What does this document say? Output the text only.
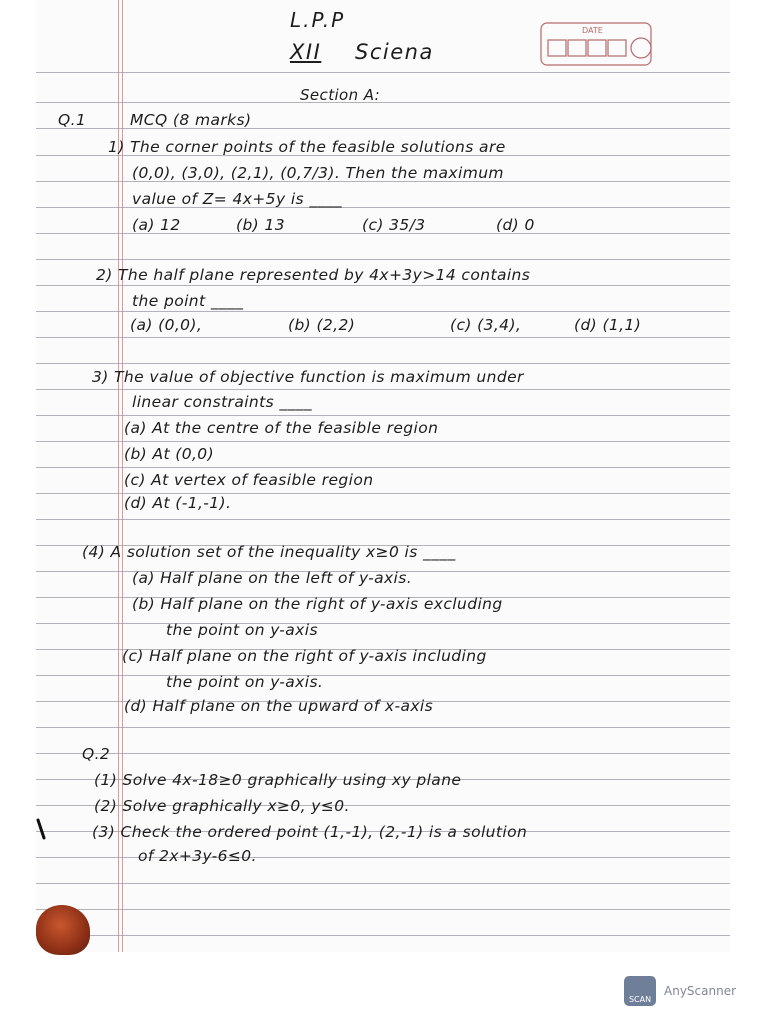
L.P.P
XII Sciena
DATE
Section A:
Q.1	MCQ (8 marks)
1) The corner points of the feasible solutions are
(0,0), (3,0), (2,1), (0,7/3). Then the maximum
value of Z= 4x+5y is ____
(a) 12	(b) 13	(c) 35/3	(d) 0
2) The half plane represented by 4x+3y>14 contains
the point ____
(a) (0,0),	(b) (2,2)	(c) (3,4),	(d) (1,1)
3) The value of objective function is maximum under
linear constraints ____
(a) At the centre of the feasible region
(b) At (0,0)
(c) At vertex of feasible region
(d) At (-1,-1).
(4) A solution set of the inequality x≥0 is ____
(a) Half plane on the left of y-axis.
(b) Half plane on the right of y-axis excluding
the point on y-axis
(c) Half plane on the right of y-axis including
the point on y-axis.
(d) Half plane on the upward of x-axis
Q.2
(1) Solve 4x-18≥0 graphically using xy plane
(2) Solve graphically x≥0, y≤0.
(3) Check the ordered point (1,-1), (2,-1) is a solution
of 2x+3y-6≤0.
SCAN
AnyScanner
